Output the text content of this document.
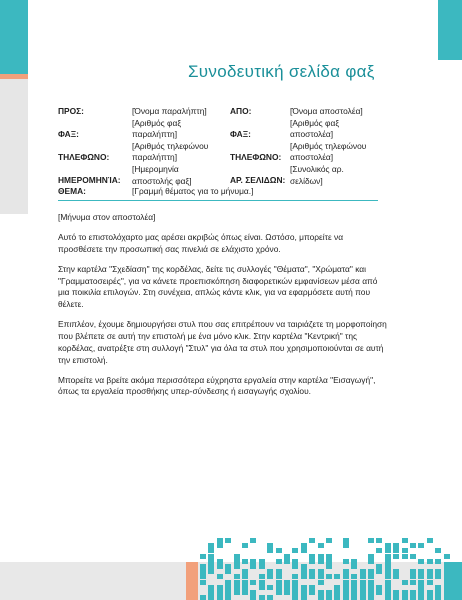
Συνοδευτική σελίδα φαξ
ΠΡΟΣ:
ΦΑΞ:
ΤΗΛΕΦΩΝΟ:
ΗΜΕΡΟΜΗΝΊΑ:
ΘΕΜΑ:
[Όνομα παραλήπτη]
[Αριθμός φαξ
παραλήπτη]
[Αριθμός τηλεφώνου
παραλήπτη]
[Ημερομηνία
αποστολής φαξ]
[Γραμμή θέματος για το μήνυμα.]
ΑΠΟ:
ΦΑΞ:
ΤΗΛΕΦΩΝΟ:
ΑΡ. ΣΕΛΙΔΩΝ:
[Όνομα αποστολέα]
[Αριθμός φαξ
αποστολέα]
[Αριθμός τηλεφώνου
αποστολέα]
[Συνολικός αρ.
σελίδων]

[Μήνυμα στον αποστολέα]

Αυτό το επιστολόχαρτο μας αρέσει ακριβώς όπως είναι. Ωστόσο, μπορείτε να προσθέσετε την προσωπική σας πινελιά σε ελάχιστο χρόνο.

Στην καρτέλα "Σχεδίαση" της κορδέλας, δείτε τις συλλογές "Θέματα", "Χρώματα" και "Γραμματοσειρές", για να κάνετε προεπισκόπηση διαφορετικών εμφανίσεων μέσα από μια ποικιλία επιλογών. Στη συνέχεια, απλώς κάντε κλικ, για να εφαρμόσετε αυτή που θέλετε.

Επιπλέον, έχουμε δημιουργήσει στυλ που σας επιτρέπουν να ταιριάζετε τη μορφοποίηση που βλέπετε σε αυτή την επιστολή με ένα μόνο κλικ. Στην καρτέλα "Κεντρική" της κορδέλας, ανατρέξτε στη συλλογή "Στυλ" για όλα τα στυλ που χρησιμοποιούνται σε αυτή την επιστολή.

Μπορείτε να βρείτε ακόμα περισσότερα εύχρηστα εργαλεία στην καρτέλα "Εισαγωγή", όπως τα εργαλεία προσθήκης υπερ-σύνδεσης ή εισαγωγής σχολίου.
